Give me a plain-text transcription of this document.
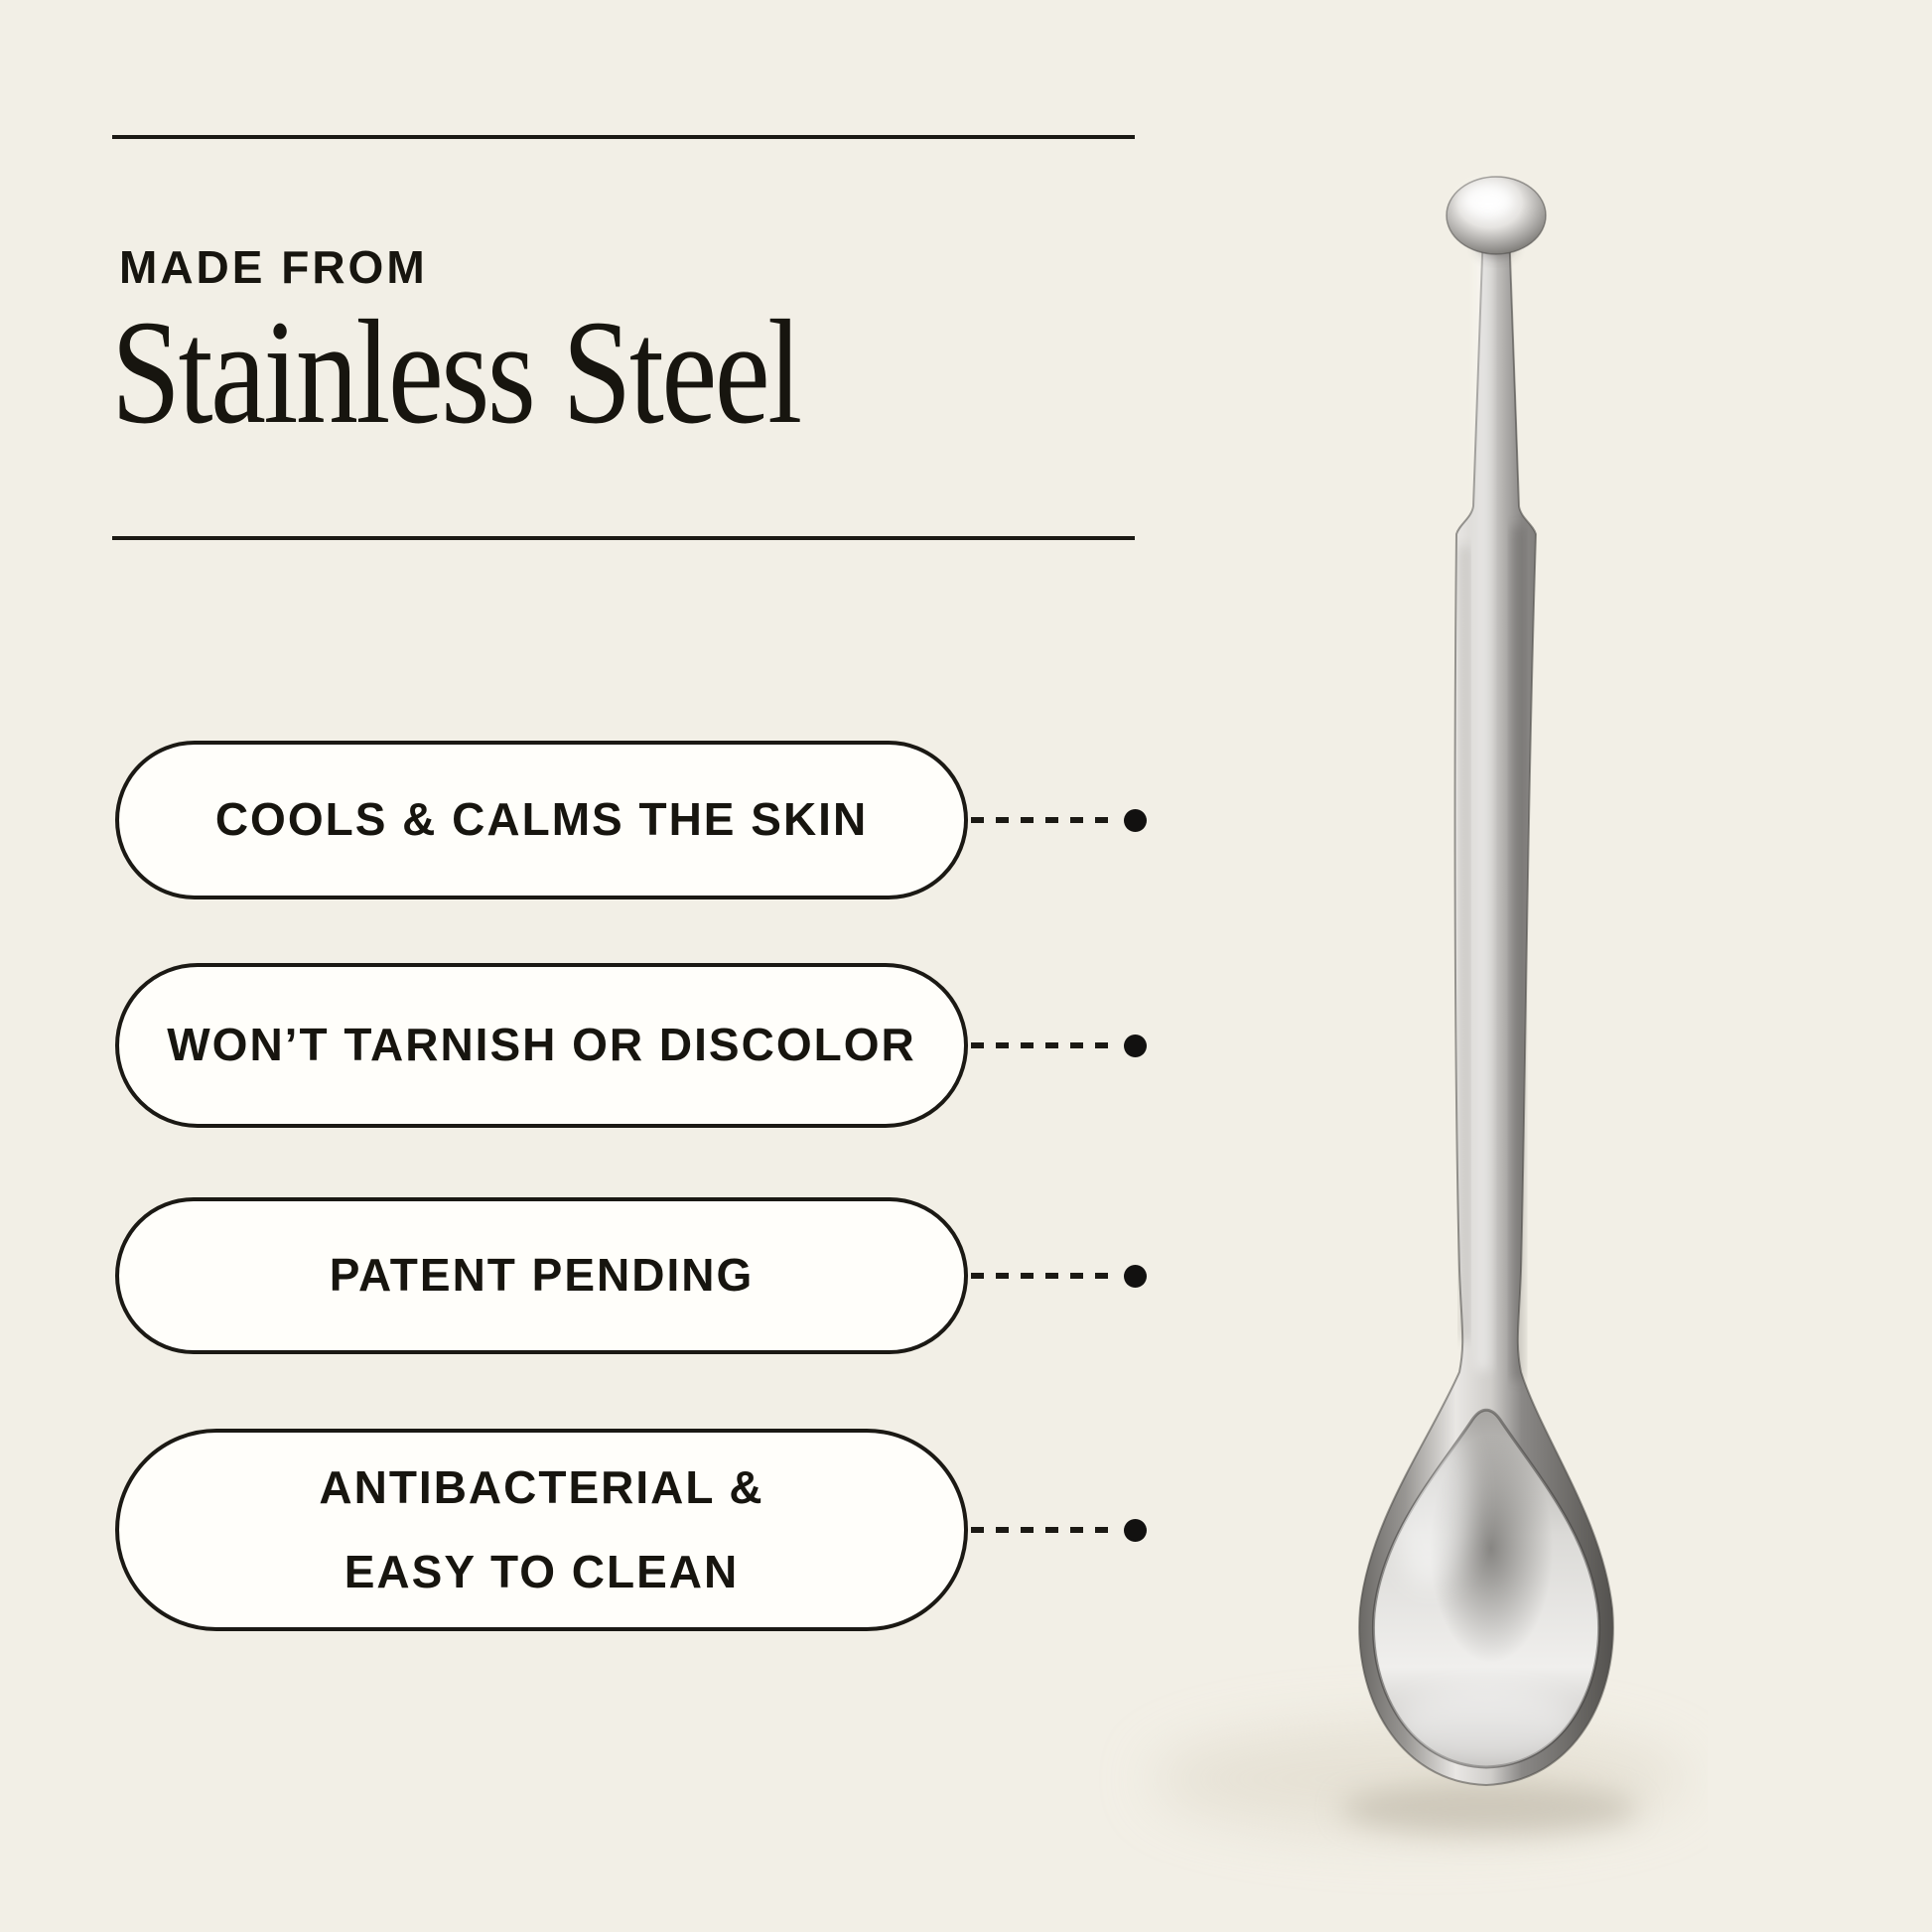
MADE FROM
Stainless Steel
COOLS & CALMS THE SKIN
WON’T TARNISH OR DISCOLOR
PATENT PENDING
ANTIBACTERIAL &
EASY TO CLEAN
